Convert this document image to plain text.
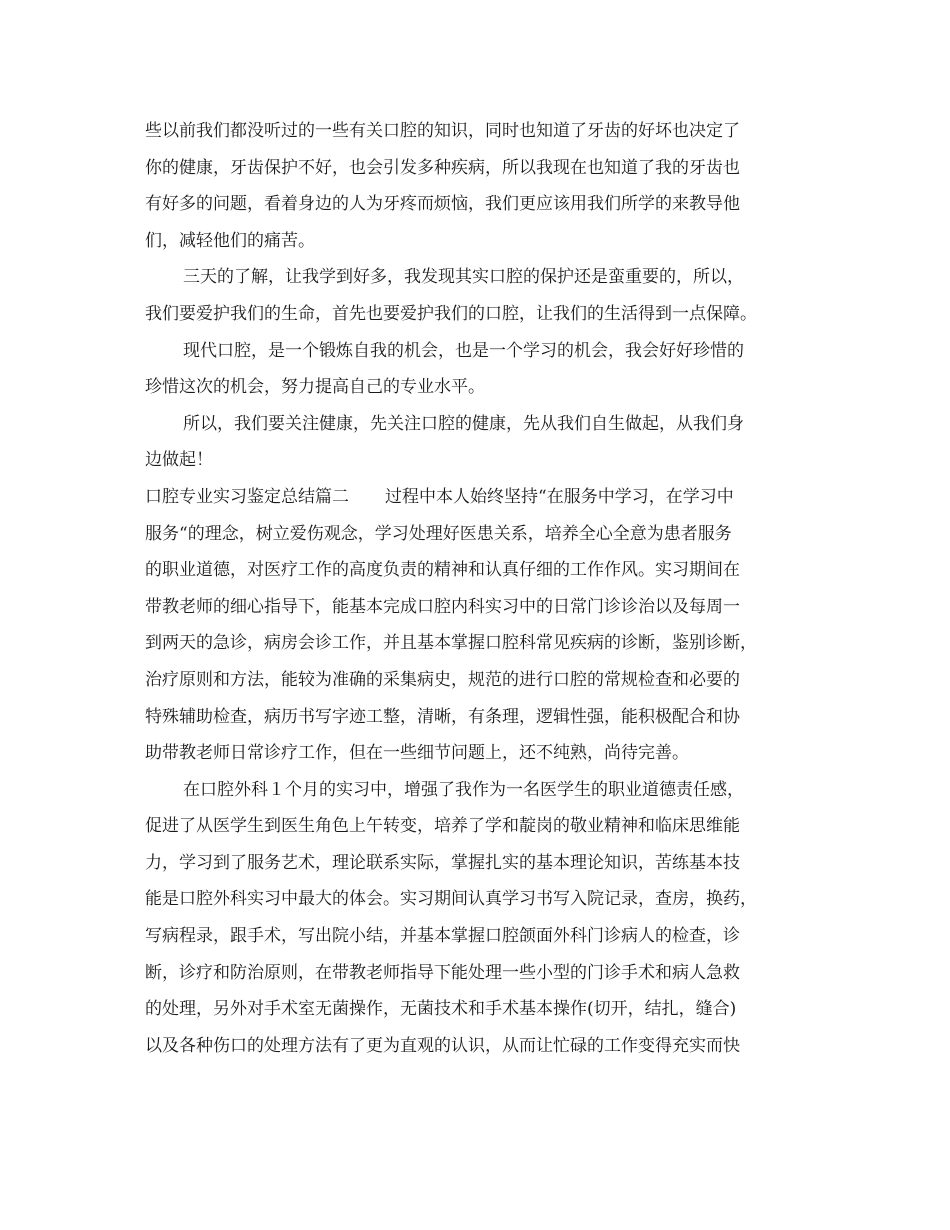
些以前我们都没听过的一些有关口腔的知识，同时也知道了牙齿的好坏也决定了
你的健康，牙齿保护不好，也会引发多种疾病，所以我现在也知道了我的牙齿也
有好多的问题，看着身边的人为牙疼而烦恼，我们更应该用我们所学的来教导他
们，减轻他们的痛苦。
三天的了解，让我学到好多，我发现其实口腔的保护还是蛮重要的，所以，
我们要爱护我们的生命，首先也要爱护我们的口腔，让我们的生活得到一点保障。
现代口腔，是一个锻炼自我的机会，也是一个学习的机会，我会好好珍惜的
珍惜这次的机会，努力提高自己的专业水平。
所以，我们要关注健康，先关注口腔的健康，先从我们自生做起，从我们身
边做起！
口腔专业实习鉴定总结篇二 过程中本人始终坚持“在服务中学习，在学习中
服务“的理念，树立爱伤观念，学习处理好医患关系，培养全心全意为患者服务
的职业道德，对医疗工作的高度负责的精神和认真仔细的工作作风。实习期间在
带教老师的细心指导下，能基本完成口腔内科实习中的日常门诊诊治以及每周一
到两天的急诊，病房会诊工作，并且基本掌握口腔科常见疾病的诊断，鉴别诊断，
治疗原则和方法，能较为准确的采集病史，规范的进行口腔的常规检查和必要的
特殊辅助检查，病历书写字迹工整，清晰，有条理，逻辑性强，能积极配合和协
助带教老师日常诊疗工作，但在一些细节问题上，还不纯熟，尚待完善。
在口腔外科１个月的实习中，增强了我作为一名医学生的职业道德责任感，
促进了从医学生到医生角色上午转变，培养了学和靛岗的敬业精神和临床思维能
力，学习到了服务艺术，理论联系实际，掌握扎实的基本理论知识，苦练基本技
能是口腔外科实习中最大的体会。实习期间认真学习书写入院记录，查房，换药，
写病程录，跟手术，写出院小结，并基本掌握口腔颌面外科门诊病人的检查，诊
断，诊疗和防治原则，在带教老师指导下能处理一些小型的门诊手术和病人急救
的处理，另外对手术室无菌操作，无菌技术和手术基本操作(切开，结扎，缝合)
以及各种伤口的处理方法有了更为直观的认识，从而让忙碌的工作变得充实而快
